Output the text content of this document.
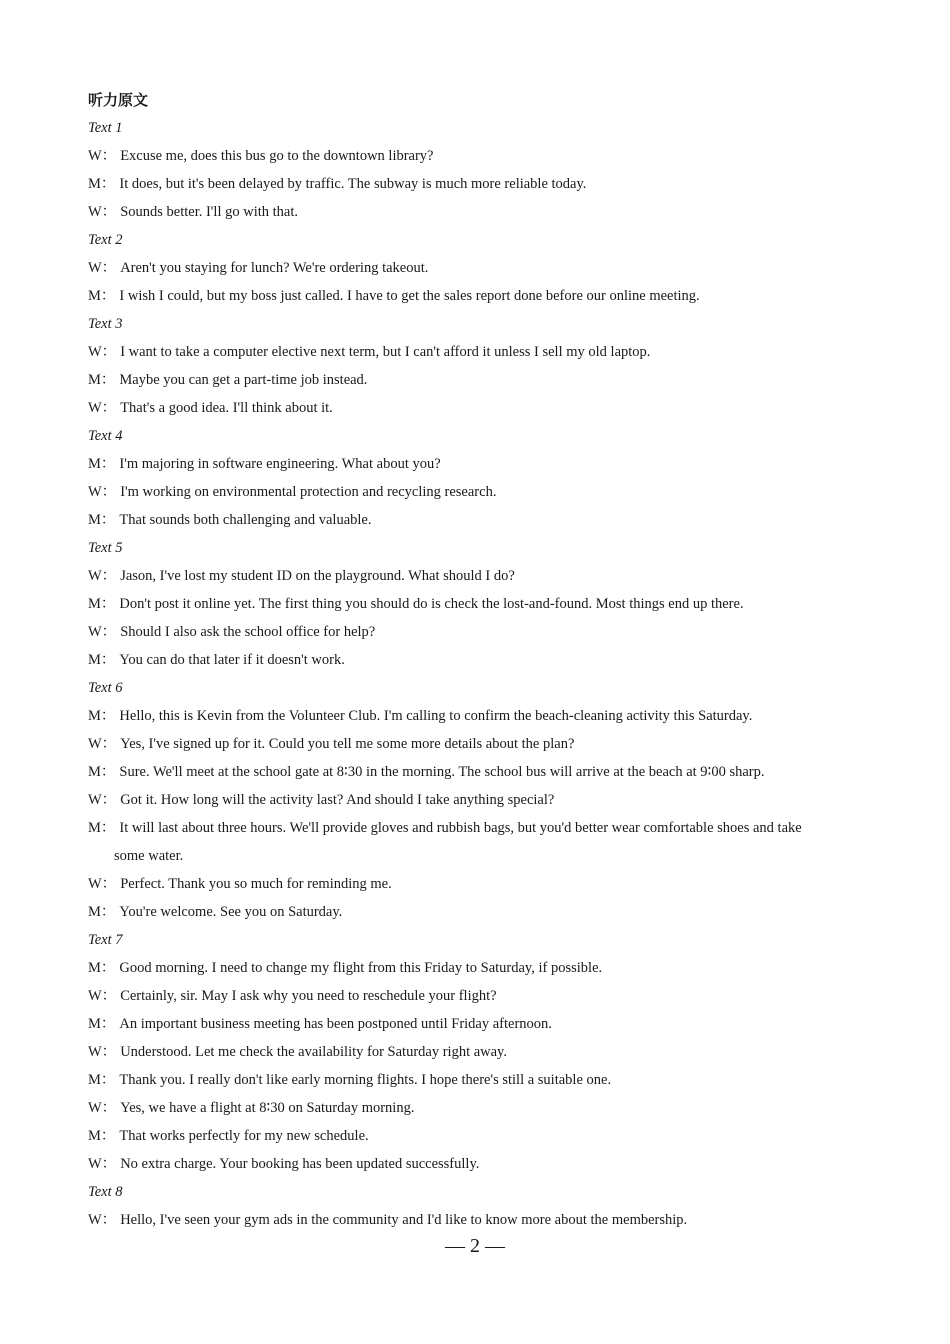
听力原文
Text 1
W： Excuse me, does this bus go to the downtown library?
M： It does, but it's been delayed by traffic. The subway is much more reliable today.
W： Sounds better. I'll go with that.
Text 2
W： Aren't you staying for lunch? We're ordering takeout.
M： I wish I could, but my boss just called. I have to get the sales report done before our online meeting.
Text 3
W： I want to take a computer elective next term, but I can't afford it unless I sell my old laptop.
M： Maybe you can get a part-time job instead.
W： That's a good idea. I'll think about it.
Text 4
M： I'm majoring in software engineering. What about you?
W： I'm working on environmental protection and recycling research.
M： That sounds both challenging and valuable.
Text 5
W： Jason, I've lost my student ID on the playground. What should I do?
M： Don't post it online yet. The first thing you should do is check the lost-and-found. Most things end up there.
W： Should I also ask the school office for help?
M： You can do that later if it doesn't work.
Text 6
M： Hello, this is Kevin from the Volunteer Club. I'm calling to confirm the beach-cleaning activity this Saturday.
W： Yes, I've signed up for it. Could you tell me some more details about the plan?
M： Sure. We'll meet at the school gate at 8∶30 in the morning. The school bus will arrive at the beach at 9∶00 sharp.
W： Got it. How long will the activity last? And should I take anything special?
M： It will last about three hours. We'll provide gloves and rubbish bags, but you'd better wear comfortable shoes and take
some water.
W： Perfect. Thank you so much for reminding me.
M： You're welcome. See you on Saturday.
Text 7
M： Good morning. I need to change my flight from this Friday to Saturday, if possible.
W： Certainly, sir. May I ask why you need to reschedule your flight?
M： An important business meeting has been postponed until Friday afternoon.
W： Understood. Let me check the availability for Saturday right away.
M： Thank you. I really don't like early morning flights. I hope there's still a suitable one.
W： Yes, we have a flight at 8∶30 on Saturday morning.
M： That works perfectly for my new schedule.
W： No extra charge. Your booking has been updated successfully.
Text 8
W： Hello, I've seen your gym ads in the community and I'd like to know more about the membership.
— 2 —
